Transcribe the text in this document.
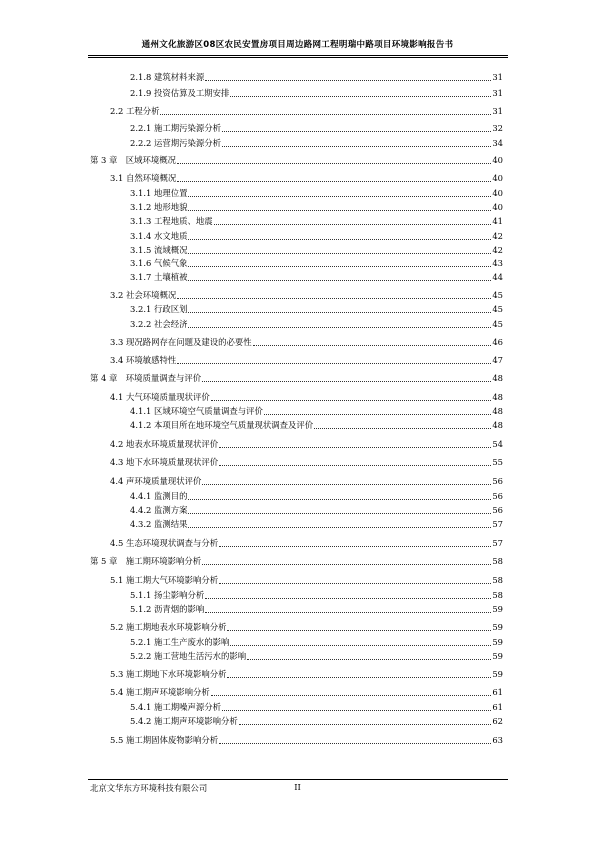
通州文化旅游区08区农民安置房项目周边路网工程明瑞中路项目环境影响报告书
2.1.8 建筑材料来源	31
2.1.9 投资估算及工期安排	31
2.2 工程分析	31
2.2.1 施工期污染源分析	32
2.2.2 运营期污染源分析	34
第 3 章　区域环境概况	40
3.1 自然环境概况	40
3.1.1 地理位置	40
3.1.2 地形地貌	40
3.1.3 工程地质、地震	41
3.1.4 水文地质	42
3.1.5 流域概况	42
3.1.6 气候气象	43
3.1.7 土壤植被	44
3.2 社会环境概况	45
3.2.1 行政区划	45
3.2.2 社会经济	45
3.3 现况路网存在问题及建设的必要性	46
3.4 环境敏感特性	47
第 4 章　环境质量调查与评价	48
4.1 大气环境质量现状评价	48
4.1.1 区域环境空气质量调查与评价	48
4.1.2 本项目所在地环境空气质量现状调查及评价	48
4.2 地表水环境质量现状评价	54
4.3 地下水环境质量现状评价	55
4.4 声环境质量现状评价	56
4.4.1 监测目的	56
4.4.2 监测方案	56
4.3.2 监测结果	57
4.5 生态环境现状调查与分析	57
第 5 章　施工期环境影响分析	58
5.1 施工期大气环境影响分析	58
5.1.1 扬尘影响分析	58
5.1.2 沥青烟的影响	59
5.2 施工期地表水环境影响分析	59
5.2.1 施工生产废水的影响	59
5.2.2 施工营地生活污水的影响	59
5.3 施工期地下水环境影响分析	59
5.4 施工期声环境影响分析	61
5.4.1 施工期噪声源分析	61
5.4.2 施工期声环境影响分析	62
5.5 施工期固体废物影响分析	63
北京文华东方环境科技有限公司	II
